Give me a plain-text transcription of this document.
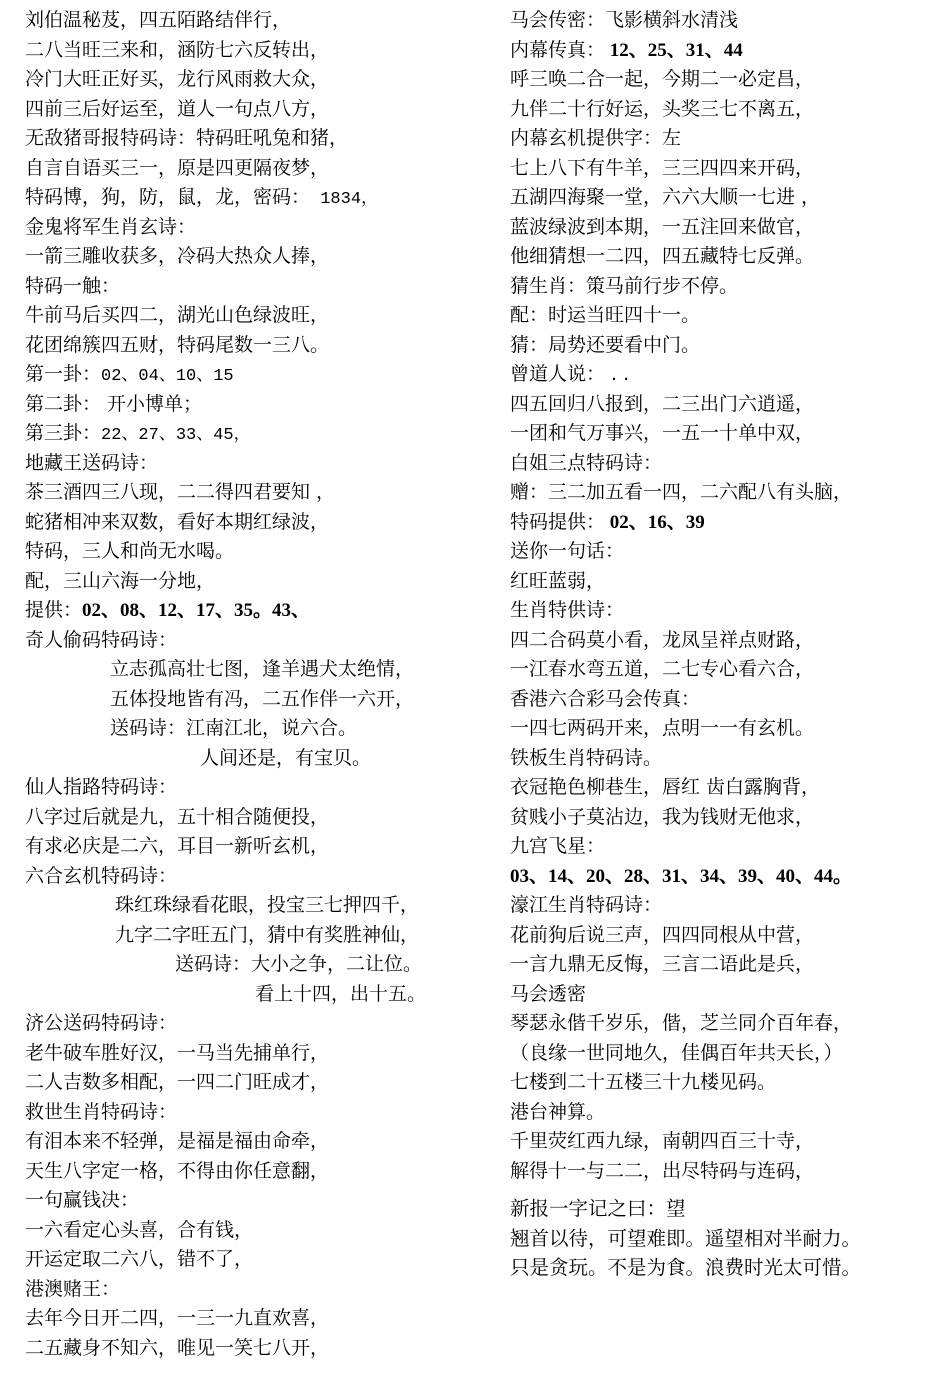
刘伯温秘芨，四五陌路结伴行，
二八当旺三来和，涵防七六反转出，
冷门大旺正好买，龙行风雨救大众，
四前三后好运至，道人一句点八方，
无敌猪哥报特码诗：特码旺吼兔和猪，
自言自语买三一，原是四更隔夜梦，
特码博，狗，防，鼠，龙，密码： 1834，
金鬼将军生肖玄诗：
一箭三雕收获多，冷码大热众人捧，
特码一触：
牛前马后买四二，湖光山色绿波旺，
花团绵簇四五财，特码尾数一三八。
第一卦：02、04、10、15
第二卦： 开小博单；
第三卦：22、27、33、45，
地藏王送码诗：
茶三酒四三八现，二二得四君要知 ，
蛇猪相冲来双数，看好本期红绿波，
特码，三人和尚无水喝。
配，三山六海一分地，
提供：02、08、12、17、35。43、
奇人偷码特码诗：
立志孤高壮七图，逢羊遇犬太绝情，
五体投地皆有冯，二五作伴一六开，
送码诗：江南江北，说六合。
人间还是，有宝贝。
仙人指路特码诗：
八字过后就是九，五十相合随便投，
有求必庆是二六，耳目一新听玄机，
六合玄机特码诗：
珠红珠绿看花眼，投宝三七押四千，
九字二字旺五门，猜中有奖胜神仙，
送码诗：大小之争，二让位。
看上十四，出十五。
济公送码特码诗：
老牛破车胜好汉，一马当先捕单行，
二人吉数多相配，一四二门旺成才，
救世生肖特码诗：
有泪本来不轻弹，是福是福由命牵，
天生八字定一格，不得由你任意翻，
一句赢钱决：
一六看定心头喜，合有钱，
开运定取二六八，错不了，
港澳赌王：
去年今日开二四，一三一九直欢喜，
二五藏身不知六，唯见一笑七八开，
马会传密：飞影横斜水清浅
内幕传真： 12、25、31、44
呼三唤二合一起，今期二一必定昌，
九伴二十行好运，头奖三七不离五，
内幕玄机提供字：左
七上八下有牛羊，三三四四来开码，
五湖四海聚一堂，六六大顺一七进 ，
蓝波绿波到本期，一五注回来做官，
他细猜想一二四，四五藏特七反弹。
猜生肖：策马前行步不停。
配：时运当旺四十一。
猜：局势还要看中门。
曾道人说： . .
四五回归八报到，二三出门六逍遥，
一团和气万事兴，一五一十单中双，
白姐三点特码诗：
赠：三二加五看一四，二六配八有头脑，
特码提供： 02、16、39
送你一句话：
红旺蓝弱，
生肖特供诗：
四二合码莫小看，龙凤呈祥点财路，
一江春水弯五道，二七专心看六合，
香港六合彩马会传真：
一四七两码开来，点明一一有玄机。
铁板生肖特码诗。
衣冠艳色柳巷生，唇红 齿白露胸背，
贫贱小子莫沾边，我为钱财无他求，
九宫飞星：
03、14、20、28、31、34、39、40、44。
濠江生肖特码诗：
花前狗后说三声，四四同根从中营，
一言九鼎无反悔，三言二语此是兵，
马会透密
琴瑟永偕千岁乐，偕，芝兰同介百年春，
（良缘一世同地久，佳偶百年共天长，）
七楼到二十五楼三十九楼见码。
港台神算。
千里荧红西九绿，南朝四百三十寺，
解得十一与二二，出尽特码与连码，
新报一字记之曰：望
翘首以待，可望难即。遥望相对半耐力。
只是贪玩。不是为食。浪费时光太可惜。
